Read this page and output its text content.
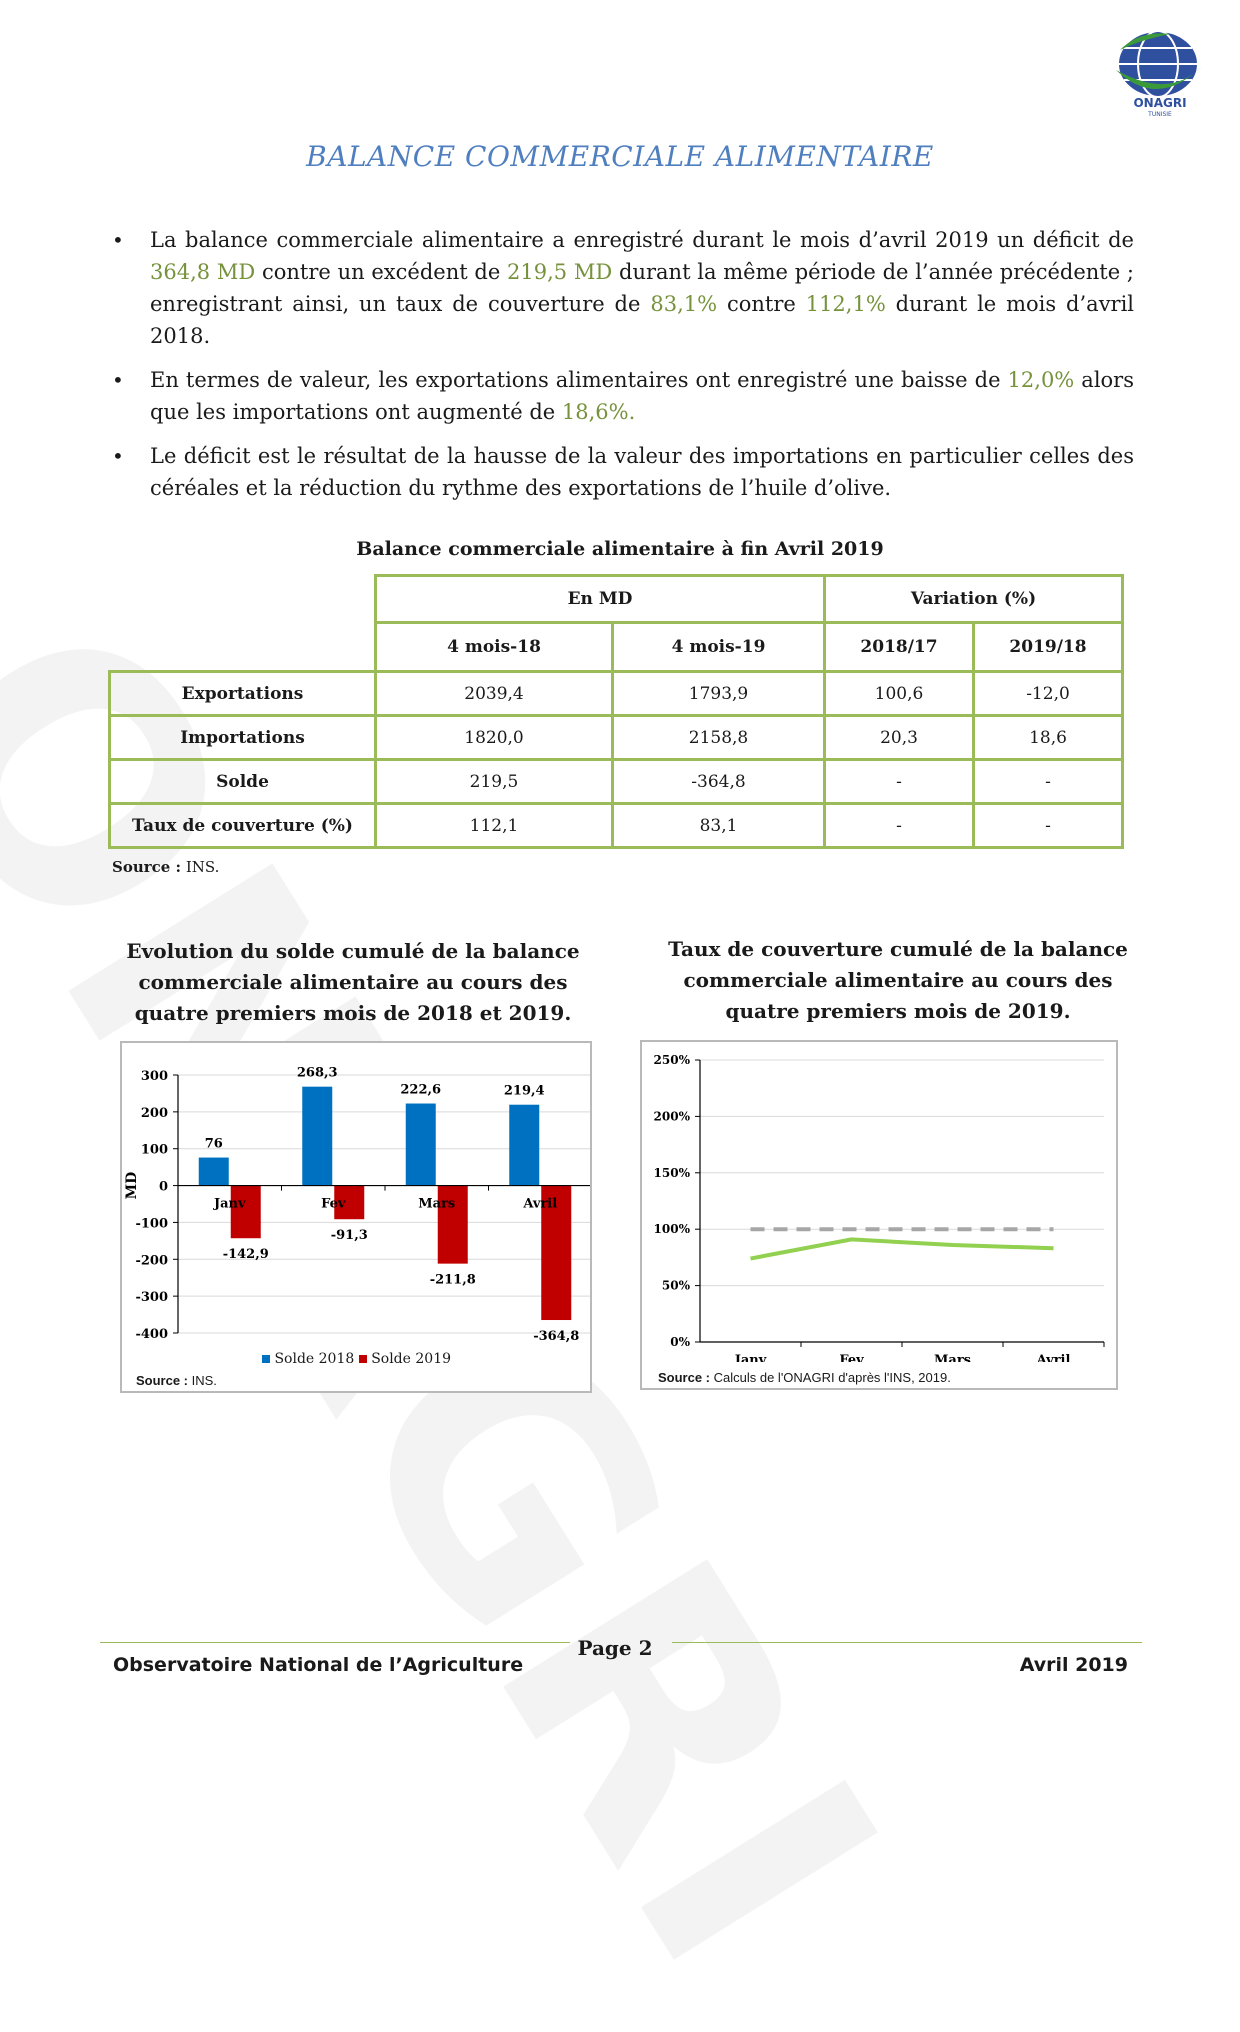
ONAGRI
TUNISIE
BALANCE COMMERCIALE ALIMENTAIRE
• La balance commerciale alimentaire a enregistré durant le mois d’avril 2019 un déficit de 364,8 MD contre un excédent de 219,5 MD durant la même période de l’année précédente ; enregistrant ainsi, un taux de couverture de 83,1% contre 112,1% durant le mois d’avril 2018.
• En termes de valeur, les exportations alimentaires ont enregistré une baisse de 12,0% alors que les importations ont augmenté de 18,6%.
• Le déficit est le résultat de la hausse de la valeur des importations en particulier celles des céréales et la réduction du rythme des exportations de l’huile d’olive.
Balance commerciale alimentaire à fin Avril 2019
En MD	Variation (%)
4 mois-18	4 mois-19	2018/17	2019/18
Exportations	2039,4	1793,9	100,6	-12,0
Importations	1820,0	2158,8	20,3	18,6
Solde	219,5	-364,8	-	-
Taux de couverture (%)	112,1	83,1	-	-
Source : INS.
Evolution du solde cumulé de la balance commerciale alimentaire au cours des quatre premiers mois de 2018 et 2019.
Taux de couverture cumulé de la balance commerciale alimentaire au cours des quatre premiers mois de 2019.
300
200
100
0
-100
-200
-300
-400
MD
76
-142,9
Janv
268,3
-91,3
Fev
222,6
-211,8
Mars
219,4
-364,8
Avril
Solde 2018 Solde 2019
Source : INS.
250%
200%
150%
100%
50%
0%
Janv	Fev	Mars	Avril
Source : Calculs de l'ONAGRI d'après l'INS, 2019.
Page 2
Observatoire National de l’Agriculture	Avril 2019
